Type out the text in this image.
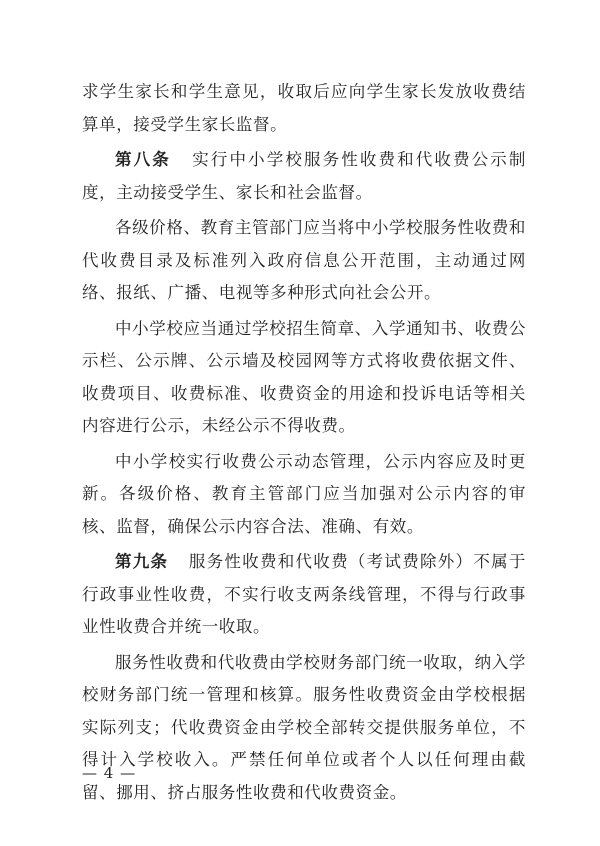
求学生家长和学生意见，收取后应向学生家长发放收费结算单，接受学生家长监督。

第八条 实行中小学校服务性收费和代收费公示制度，主动接受学生、家长和社会监督。

各级价格、教育主管部门应当将中小学校服务性收费和代收费目录及标准列入政府信息公开范围，主动通过网络、报纸、广播、电视等多种形式向社会公开。

中小学校应当通过学校招生简章、入学通知书、收费公示栏、公示牌、公示墙及校园网等方式将收费依据文件、收费项目、收费标准、收费资金的用途和投诉电话等相关内容进行公示，未经公示不得收费。

中小学校实行收费公示动态管理，公示内容应及时更新。各级价格、教育主管部门应当加强对公示内容的审核、监督，确保公示内容合法、准确、有效。

第九条 服务性收费和代收费（考试费除外）不属于行政事业性收费，不实行收支两条线管理，不得与行政事业性收费合并统一收取。

服务性收费和代收费由学校财务部门统一收取，纳入学校财务部门统一管理和核算。服务性收费资金由学校根据实际列支；代收费资金由学校全部转交提供服务单位，不得计入学校收入。严禁任何单位或者个人以任何理由截留、挪用、挤占服务性收费和代收费资金。

— 4 —
